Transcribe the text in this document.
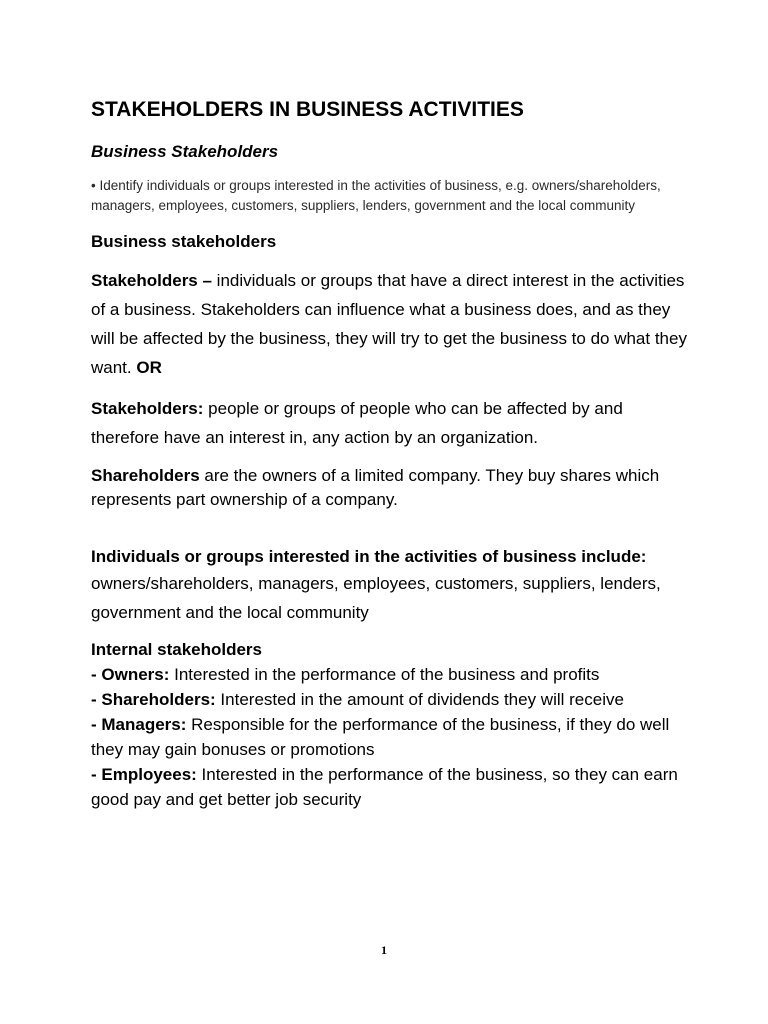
STAKEHOLDERS IN BUSINESS ACTIVITIES
Business Stakeholders
• Identify individuals or groups interested in the activities of business, e.g. owners/shareholders, managers, employees, customers, suppliers, lenders, government and the local community
Business stakeholders

Stakeholders – individuals or groups that have a direct interest in the activities of a business. Stakeholders can influence what a business does, and as they will be affected by the business, they will try to get the business to do what they want. OR

Stakeholders: people or groups of people who can be affected by and therefore have an interest in, any action by an organization.

Shareholders are the owners of a limited company. They buy shares which represents part ownership of a company.

Individuals or groups interested in the activities of business include:
owners/shareholders, managers, employees, customers, suppliers, lenders, government and the local community
Internal stakeholders
- Owners: Interested in the performance of the business and profits
- Shareholders: Interested in the amount of dividends they will receive
- Managers: Responsible for the performance of the business, if they do well they may gain bonuses or promotions
- Employees: Interested in the performance of the business, so they can earn good pay and get better job security
1
